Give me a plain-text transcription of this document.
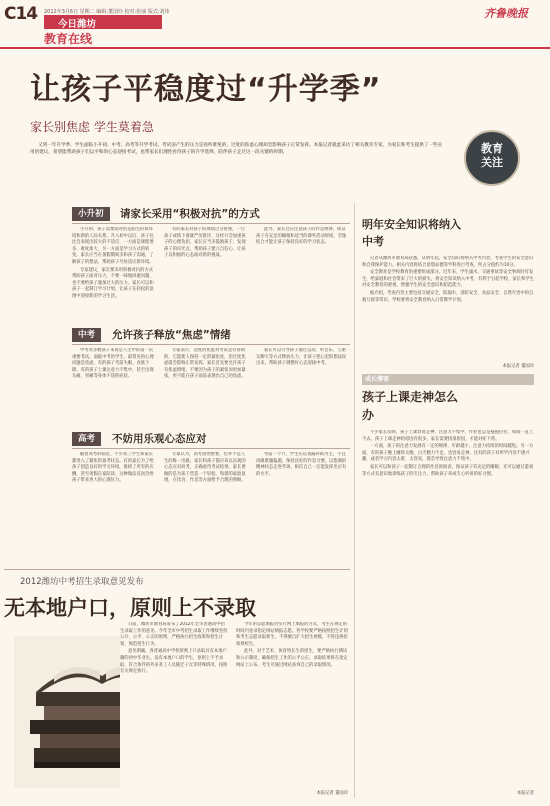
C14 2012年3月6日 星期二 编辑:董国玲 校对:张丽 版式:刘伟
今日潍坊
教育在线
齐鲁晚报
让孩子平稳度过“升学季”
家长别焦虑 学生莫着急

又到一年升学季，学生面临小升初、中考、高考等升学考试，考试前产生的压力是再所难免的，过度的焦虑心理却会影响孩子正常发挥。本报记者就此采访了相关教育专家，为家长和考生提供了一些实用的建议，希望能帮助孩子们以平和的心态迎接考试，也帮家长们理性看待孩子的升学选择，陪伴孩子走过这一段关键的时期。	教育
关注
小升初	请家长采用“积极对抗”的方式

小升初，孩子需要面对的是陌生的新环境和新的人际关系。升入初中以后，孩子往往会表现出较大的不适应，一方面是课程增多、难度加大，另一方面是学习方式的转变。家长应当在暑假期间多和孩子沟通，了解孩子的想法，帮助孩子尽快适应新环境。

专家建议，家长要采用积极对抗的方式帮助孩子面对压力，不要一味地回避问题，也不要给孩子施加过大的压力。家长可以和孩子一起制订学习计划，让孩子在轻松的氛围中迎接新的学习生活。

有的家长对孩子的成绩过分看重，一旦孩子成绩下滑就严厉批评，这样只会加重孩子的心理负担。家长应当多鼓励孩子，发现孩子的闪光点，帮助孩子建立自信心，让孩子以积极的心态面对新的挑战。

此外，家长还应注意孩子的作息规律，保证孩子有充足的睡眠和适当的课外活动时间，劳逸结合才能让孩子保持良好的学习状态。

中考	允许孩子释放“焦虑”情绪

中考对多数孩子来说是人生中的第一次重要考试。面临中考的学生，最常见的心理问题是焦虑。有的孩子考前失眠、食欲下降，有的孩子上课注意力不集中，甚至出现头痛、胃痛等身体不适的症状。

专家表示，适度的焦虑对考试是有帮助的，它能使人保持一定的紧张度，但过度焦虑就会影响正常发挥。家长首先要允许孩子有焦虑情绪，不要因为孩子的紧张而更加紧张，更不能在孩子面前表现出自己的焦虑。

家长可以引导孩子通过运动、听音乐、与朋友聊天等方式释放压力，让孩子把心里的想法说出来，帮助孩子调整好心态迎接中考。

高考	不妨用乐观心态应对

随着高考的临近，不少高三学生和家长都进入了紧张的备考状态。有的家长为了给孩子创造良好的学习环境，推掉了所有的应酬，甚至请假在家陪读，这种做法反而会给孩子带来更大的心理压力。

专家认为，高考固然重要，但并不是人生的唯一出路。家长和孩子都应该以乐观的心态应对高考，正确看待考试结果。家长要做的是为孩子营造一个轻松、和谐的家庭氛围，在饮食、作息等方面给予合理的照顾。

考前一个月，学生应以查漏补缺为主，不宜再做难题偏题，保持良好的作息习惯，以饱满的精神状态走进考场，相信自己一定能发挥出应有的水平。

明年安全知识将纳入中考

记者从潍坊市教育局获悉，从明年起，安全知识将纳入中考内容，考查学生的安全意识和自我保护能力。相关内容将结合思想品德等学科进行考查，所占分值约为10分。

安全教育是学校教育的重要组成部分。近年来，学生溺水、交通事故等安全事故时有发生，给家庭和社会带来了巨大的损失。将安全知识纳入中考，有利于引起学校、家长和学生对安全教育的重视，增强学生的安全意识和防范能力。

据介绍，考查内容主要包括交通安全、防溺水、消防安全、食品安全、自然灾害中的自救互救等常识，学校要将安全教育纳入日常教学计划。

本报记者 董国玲
成长博客
孩子上课走神怎么办

不少家长反映，孩子上课容易走神，注意力不集中，作业也总是拖拖拉拉，成绩一直上不去。孩子上课走神的原因有很多，家长需要找准原因，才能对症下药。

一方面，孩子的注意力发展有一定的规律，年龄越小，注意力持续的时间越短。另一方面，有的孩子晚上睡得太晚，白天精力不足，也容易走神。还有的孩子对所学内容不感兴趣，或者学习内容太难、太容易，都会导致注意力不集中。

家长可以和孩子一起制订合理的作息时间表，保证孩子有充足的睡眠；还可以通过游戏等方式有意识地训练孩子的专注力，帮助孩子养成专心听讲的好习惯。

本报记者
2012潍坊中考招生录取意见发布
无本地户口，原则上不录取

日前，潍坊市教育局发布了2012年全市普通高中招生录取工作的意见。今年全市中考招生录取工作继续坚持公开、公平、公正的原则，严格执行招生政策和招生计划，规范招生行为。

意见明确，各普通高中学校原则上只录取具有本地户籍的初中毕业生。没有本地户口的学生，原则上不予录取，符合条件的外来务工人员随迁子女等特殊情况，按照有关规定执行。

今年的志愿填报仍实行网上填报的方式，考生在规定的时间内登录指定网站填报志愿。各学校要严格按照招生计划和考生志愿录取新生，不得擅自扩大招生规模，不得违规招收择校生。

此外，对于艺术、体育特长生的招生，要严格执行测试和公示制度，确保招生工作的公平公正。录取结果将在指定网站上公布，考生可通过网站查询自己的录取情况。

本报记者 董国玲
